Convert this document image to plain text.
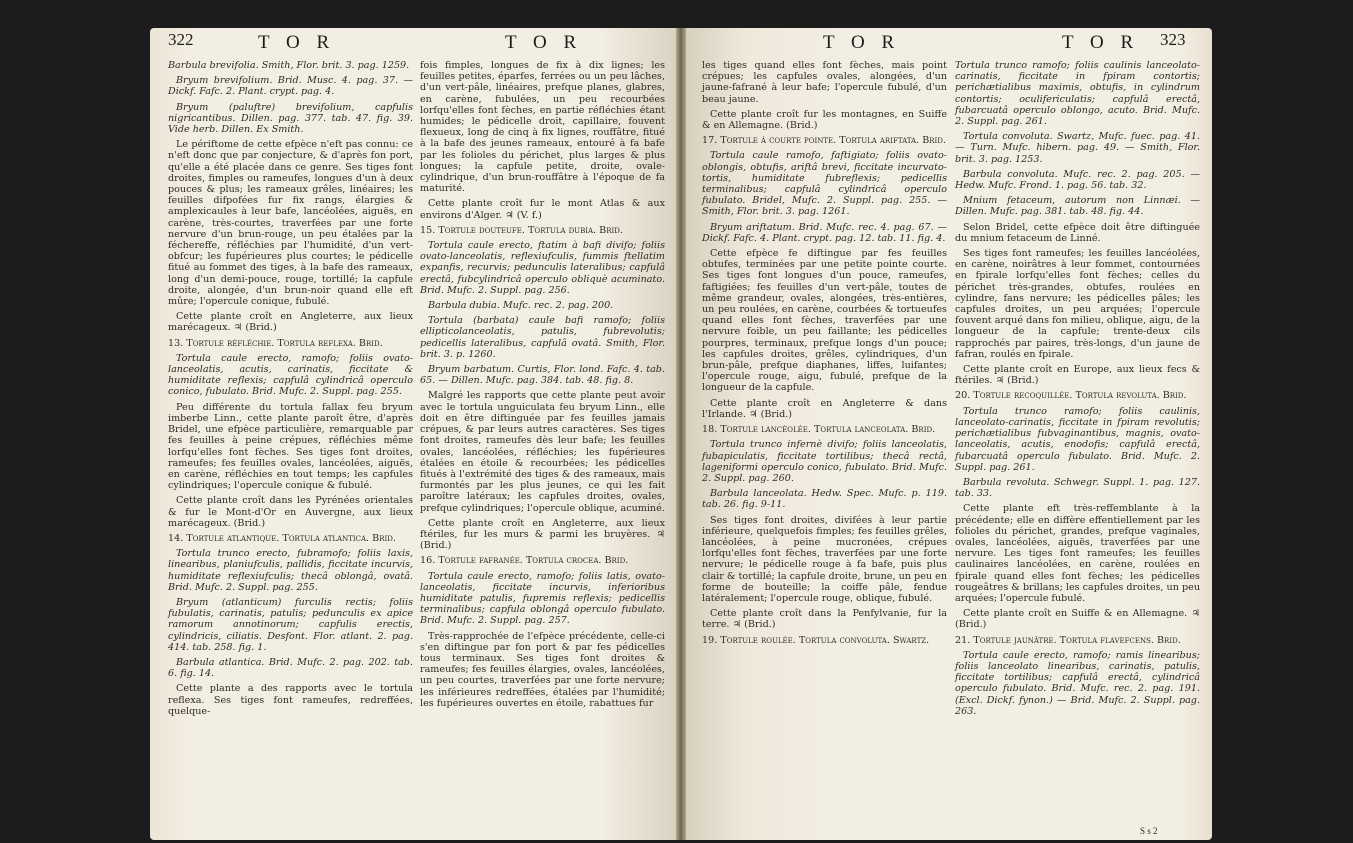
322	T O R	T O R	T O R	T O R 323

Barbula brevifolia. Smith, Flor. brit. 3. pag. 1259.

Bryum brevifolium. Brid. Musc. 4. pag. 37. — Dickf. Fafc. 2. Plant. crypt. pag. 4.

Bryum (paluftre) brevifolium, capfulis nigricantibus. Dillen. pag. 377. tab. 47. fig. 39. Vide herb. Dillen. Ex Smith.

Le périftome de cette efpèce n'eft pas connu: ce n'eft donc que par conjecture, & d'après fon port, qu'elle a été placée dans ce genre. Ses tiges font droites, fimples ou rameufes, longues d'un à deux pouces & plus; les rameaux grêles, linéaires; les feuilles difpofées fur fix rangs, élargies & amplexicaules à leur bafe, lancéolées, aiguës, en carène, très-courtes, traverfées par une forte nervure d'un brun-rouge, un peu étalées par la féchereffe, réfléchies par l'humidité, d'un vert-obfcur; les fupérieures plus courtes; le pédicelle fitué au fommet des tiges, à la bafe des rameaux, long d'un demi-pouce, rouge, tortillé; la capfule droite, alongée, d'un brun-noir quand elle eft mûre; l'opercule conique, fubulé.

Cette plante croît en Angleterre, aux lieux marécageux. ♃ (Brid.)

13. Tortule réfléchie. Tortula reflexa. Brid.

Tortula caule erecto, ramofo; foliis ovato-lanceolatis, acutis, carinatis, ficcitate & humiditate reflexis; capfulâ cylindricâ operculo conico, fubulato. Brid. Mufc. 2. Suppl. pag. 255.

Peu différente du tortula fallax feu bryum imberbe Linn., cette plante paroît être, d'après Bridel, une efpèce particulière, remarquable par fes feuilles à peine crépues, réfléchies même lorfqu'elles font fèches. Ses tiges font droites, rameufes; fes feuilles ovales, lancéolées, aiguës, en carène, réfléchies en tout temps; les capfules cylindriques; l'opercule conique & fubulé.

Cette plante croît dans les Pyrénées orientales & fur le Mont-d'Or en Auvergne, aux lieux marécageux. (Brid.)

14. Tortule atlantique. Tortula atlantica. Brid.

Tortula trunco erecto, fubramofo; foliis laxis, linearibus, planiufculis, pallidis, ficcitate incurvis, humiditate reflexiufculis; thecâ oblongâ, ovatâ. Brid. Mufc. 2. Suppl. pag. 255.

Bryum (atlanticum) furculis rectis; foliis fubulatis, carinatis, patulis; pedunculis ex apice ramorum annotinorum; capfulis erectis, cylindricis, ciliatis. Desfont. Flor. atlant. 2. pag. 414. tab. 258. fig. 1.

Barbula atlantica. Brid. Mufc. 2. pag. 202. tab. 6. fig. 14.

Cette plante a des rapports avec le tortula reflexa. Ses tiges font rameufes, redreffées, quelque-

fois fimples, longues de fix à dix lignes; les feuilles petites, éparfes, ferrées ou un peu lâches, d'un vert-pâle, linéaires, prefque planes, glabres, en carène, fubulées, un peu recourbées lorfqu'elles font fèches, en partie réfléchies étant humides; le pédicelle droit, capillaire, fouvent flexueux, long de cinq à fix lignes, rouffâtre, fitué à la bafe des jeunes rameaux, entouré à fa bafe par les folioles du périchet, plus larges & plus longues; la capfule petite, droite, ovale-cylindrique, d'un brun-rouffâtre à l'époque de fa maturité.

Cette plante croît fur le mont Atlas & aux environs d'Alger. ♃ (V. f.)

15. Tortule douteufe. Tortula dubia. Brid.

Tortula caule erecto, ftatim à bafi divifo; foliis ovato-lanceolatis, reflexiufculis, fummis ftellatim expanfis, recurvis; pedunculis lateralibus; capfulâ erectâ, fubcylindricâ operculo obliquè acuminato. Brid. Mufc. 2. Suppl. pag. 256.

Barbula dubia. Mufc. rec. 2. pag. 200.

Tortula (barbata) caule bafi ramofo; foliis ellipticolanceolatis, patulis, fubrevolutis; pedicellis lateralibus, capfulâ ovatâ. Smith, Flor. brit. 3. p. 1260.

Bryum barbatum. Curtis, Flor. lond. Fafc. 4. tab. 65. — Dillen. Mufc. pag. 384. tab. 48. fig. 8.

Malgré les rapports que cette plante peut avoir avec le tortula unguiculata feu bryum Linn., elle doit en être diftinguée par fes feuilles jamais crépues, & par leurs autres caractères. Ses tiges font droites, rameufes dès leur bafe; les feuilles ovales, lancéolées, réfléchies; les fupérieures étalées en étoile & recourbées; les pédicelles fitués à l'extrémité des tiges & des rameaux, mais furmontés par les plus jeunes, ce qui les fait paroître latéraux; les capfules droites, ovales, prefque cylindriques; l'opercule oblique, acuminé.

Cette plante croît en Angleterre, aux lieux ftériles, fur les murs & parmi les bruyères. ♃ (Brid.)

16. Tortule fafranée. Tortula crocea. Brid.

Tortula caule erecto, ramofo; foliis latis, ovato-lanceolatis, ficcitate incurvis, inferioribus humiditate patulis, fupremis reflexis; pedicellis terminalibus; capfula oblongâ operculo fubulato. Brid. Mufc. 2. Suppl. pag. 257.

Très-rapprochée de l'efpèce précédente, celle-ci s'en diftingue par fon port & par fes pédicelles tous terminaux. Ses tiges font droites & rameufes; fes feuilles élargies, ovales, lancéolées, un peu courtes, traverfées par une forte nervure; les inférieures redreffées, étalées par l'humidité; les fupérieures ouvertes en étoile, rabattues fur

les tiges quand elles font fèches, mais point crépues; les capfules ovales, alongées, d'un jaune-fafrané à leur bafe; l'opercule fubulé, d'un beau jaune.

Cette plante croît fur les montagnes, en Suiffe & en Allemagne. (Brid.)

17. Tortule à courte pointe. Tortula ariftata. Brid.

Tortula caule ramofo, faftigiato; foliis ovato-oblongis, obtufis, ariftâ brevi, ficcitate incurvato-tortis, humiditate fubreflexis; pedicellis terminalibus; capfulâ cylindricâ operculo fubulato. Bridel, Mufc. 2. Suppl. pag. 255. — Smith, Flor. brit. 3. pag. 1261.

Bryum ariftatum. Brid. Mufc. rec. 4. pag. 67. — Dickf. Fafc. 4. Plant. crypt. pag. 12. tab. 11. fig. 4.

Cette efpèce fe diftingue par fes feuilles obtufes, terminées par une petite pointe courte. Ses tiges font longues d'un pouce, rameufes, faftigiées; fes feuilles d'un vert-pâle, toutes de même grandeur, ovales, alongées, très-entières, un peu roulées, en carène, courbées & tortueufes quand elles font fèches, traverfées par une nervure foible, un peu faillante; les pédicelles pourpres, terminaux, prefque longs d'un pouce; les capfules droites, grêles, cylindriques, d'un brun-pâle, prefque diaphanes, liffes, luifantes; l'opercule rouge, aigu, fubulé, prefque de la longueur de la capfule.

Cette plante croît en Angleterre & dans l'Irlande. ♃ (Brid.)

18. Tortule lancéolée. Tortula lanceolata. Brid.

Tortula trunco infernè divifo; foliis lanceolatis, fubapiculatis, ficcitate tortilibus; thecâ rectâ, lageniformi operculo conico, fubulato. Brid. Mufc. 2. Suppl. pag. 260.

Barbula lanceolata. Hedw. Spec. Mufc. p. 119. tab. 26. fig. 9-11.

Ses tiges font droites, divifées à leur partie inférieure, quelquefois fimples; fes feuilles grêles, lancéolées, à peine mucronées, crépues lorfqu'elles font fèches, traverfées par une forte nervure; le pédicelle rouge à fa bafe, puis plus clair & tortillé; la capfule droite, brune, un peu en forme de bouteille; la coiffe pâle, fendue latéralement; l'opercule rouge, oblique, fubulé.

Cette plante croît dans la Penfylvanie, fur la terre. ♃ (Brid.)

19. Tortule roulée. Tortula convoluta. Swartz.

Tortula trunco ramofo; foliis caulinis lanceolato-carinatis, ficcitate in fpiram contortis; perichætialibus maximis, obtufis, in cylindrum contortis; oculifericulatis; capfulâ erectâ, fubarcuatâ operculo oblongo, acuto. Brid. Mufc. 2. Suppl. pag. 261.

Tortula convoluta. Swartz, Mufc. fuec. pag. 41. — Turn. Mufc. hibern. pag. 49. — Smith, Flor. brit. 3. pag. 1253.

Barbula convoluta. Mufc. rec. 2. pag. 205. — Hedw. Mufc. Frond. 1. pag. 56. tab. 32.

Mnium fetaceum, autorum non Linnæi. — Dillen. Mufc. pag. 381. tab. 48. fig. 44.

Selon Bridel, cette efpèce doit être diftinguée du mnium fetaceum de Linné.

Ses tiges font rameufes; les feuilles lancéolées, en carène, noirâtres à leur fommet, contournées en fpirale lorfqu'elles font fèches; celles du périchet très-grandes, obtufes, roulées en cylindre, fans nervure; les pédicelles pâles; les capfules droites, un peu arquées; l'opercule fouvent arqué dans fon milieu, oblique, aigu, de la longueur de la capfule; trente-deux cils rapprochés par paires, très-longs, d'un jaune de fafran, roulés en fpirale.

Cette plante croît en Europe, aux lieux fecs & ftériles. ♃ (Brid.)

20. Tortule recoquillée. Tortula revoluta. Brid.

Tortula trunco ramofo; foliis caulinis, lanceolato-carinatis, ficcitate in fpiram revolutis; perichætialibus fubvaginantibus, magnis, ovato-lanceolatis, acutis, enodofis; capfulâ erectâ, fubarcuatâ operculo fubulato. Brid. Mufc. 2. Suppl. pag. 261.

Barbula revoluta. Schwegr. Suppl. 1. pag. 127. tab. 33.

Cette plante eft très-reffemblante à la précédente; elle en diffère effentiellement par les folioles du périchet, grandes, prefque vaginales, ovales, lancéolées, aiguës, traverfées par une nervure. Les tiges font rameufes; les feuilles caulinaires lancéolées, en carène, roulées en fpirale quand elles font fèches; les pédicelles rougeâtres & brillans; les capfules droites, un peu arquées; l'opercule fubulé.

Cette plante croît en Suiffe & en Allemagne. ♃ (Brid.)

21. Tortule jaunâtre. Tortula flavefcens. Brid.

Tortula caule erecto, ramofo; ramis linearibus; foliis lanceolato linearibus, carinatis, patulis, ficcitate tortilibus; capfulâ erectâ, cylindricâ operculo fubulato. Brid. Mufc. rec. 2. pag. 191. (Excl. Dickf. fynon.) — Brid. Mufc. 2. Suppl. pag. 263.

S s 2
